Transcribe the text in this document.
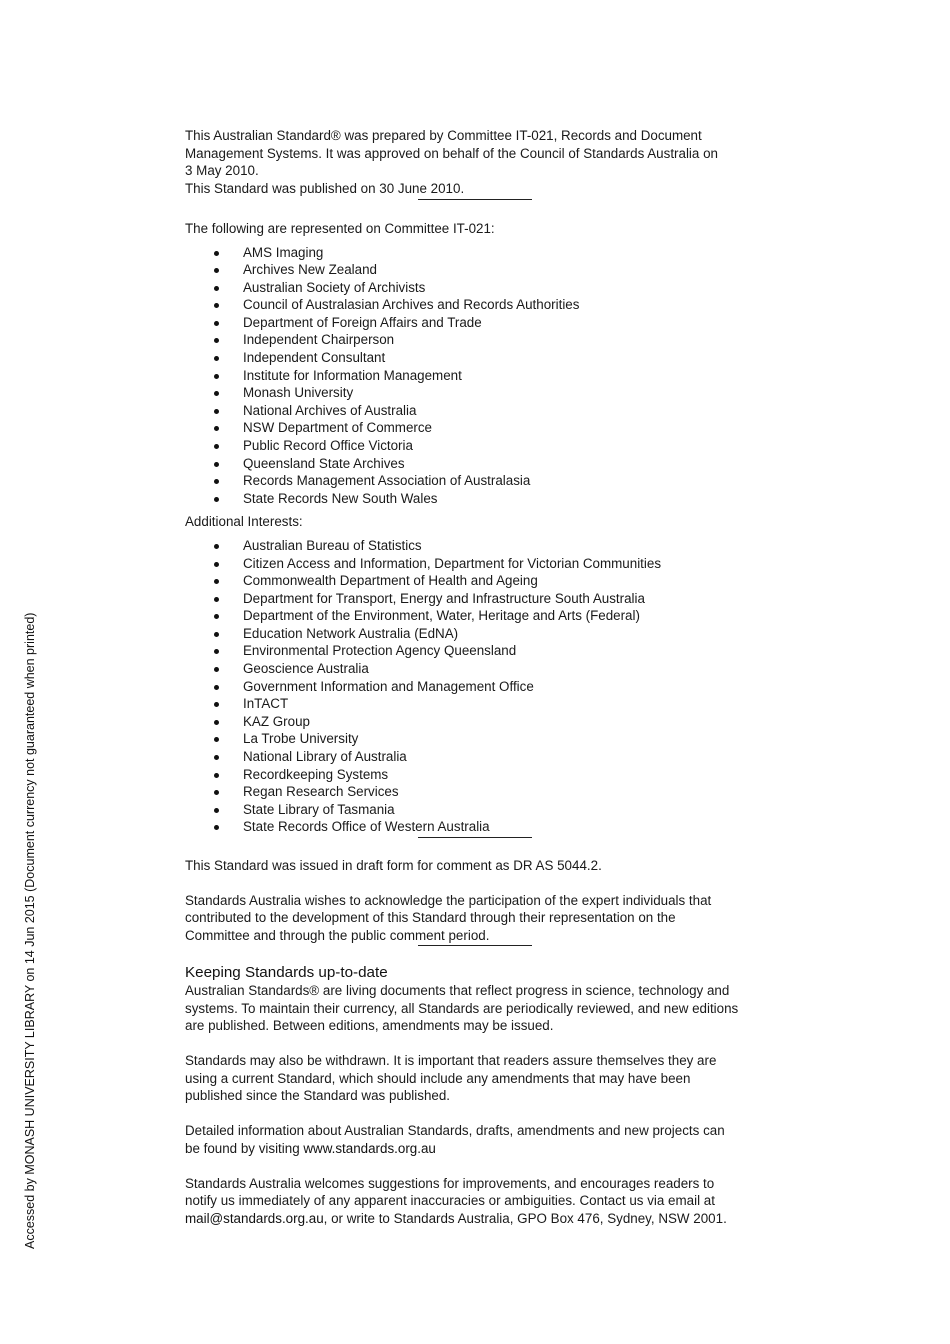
Accessed by MONASH UNIVERSITY LIBRARY on 14 Jun 2015 (Document currency not guaranteed when printed)

This Australian Standard® was prepared by Committee IT-021, Records and Document

Management Systems. It was approved on behalf of the Council of Standards Australia on

3 May 2010.

This Standard was published on 30 June 2010.

The following are represented on Committee IT-021:

AMS Imaging
Archives New Zealand
Australian Society of Archivists
Council of Australasian Archives and Records Authorities
Department of Foreign Affairs and Trade
Independent Chairperson
Independent Consultant
Institute for Information Management
Monash University
National Archives of Australia
NSW Department of Commerce
Public Record Office Victoria
Queensland State Archives
Records Management Association of Australasia
State Records New South Wales

Additional Interests:

Australian Bureau of Statistics
Citizen Access and Information, Department for Victorian Communities
Commonwealth Department of Health and Ageing
Department for Transport, Energy and Infrastructure South Australia
Department of the Environment, Water, Heritage and Arts (Federal)
Education Network Australia (EdNA)
Environmental Protection Agency Queensland
Geoscience Australia
Government Information and Management Office
InTACT
KAZ Group
La Trobe University
National Library of Australia
Recordkeeping Systems
Regan Research Services
State Library of Tasmania
State Records Office of Western Australia

This Standard was issued in draft form for comment as DR AS 5044.2.

Standards Australia wishes to acknowledge the participation of the expert individuals that

contributed to the development of this Standard through their representation on the

Committee and through the public comment period.

Keeping Standards up-to-date

Australian Standards® are living documents that reflect progress in science, technology and

systems. To maintain their currency, all Standards are periodically reviewed, and new editions

are published. Between editions, amendments may be issued.

Standards may also be withdrawn. It is important that readers assure themselves they are

using a current Standard, which should include any amendments that may have been

published since the Standard was published.

Detailed information about Australian Standards, drafts, amendments and new projects can

be found by visiting www.standards.org.au

Standards Australia welcomes suggestions for improvements, and encourages readers to

notify us immediately of any apparent inaccuracies or ambiguities. Contact us via email at

mail@standards.org.au, or write to Standards Australia, GPO Box 476, Sydney, NSW 2001.
